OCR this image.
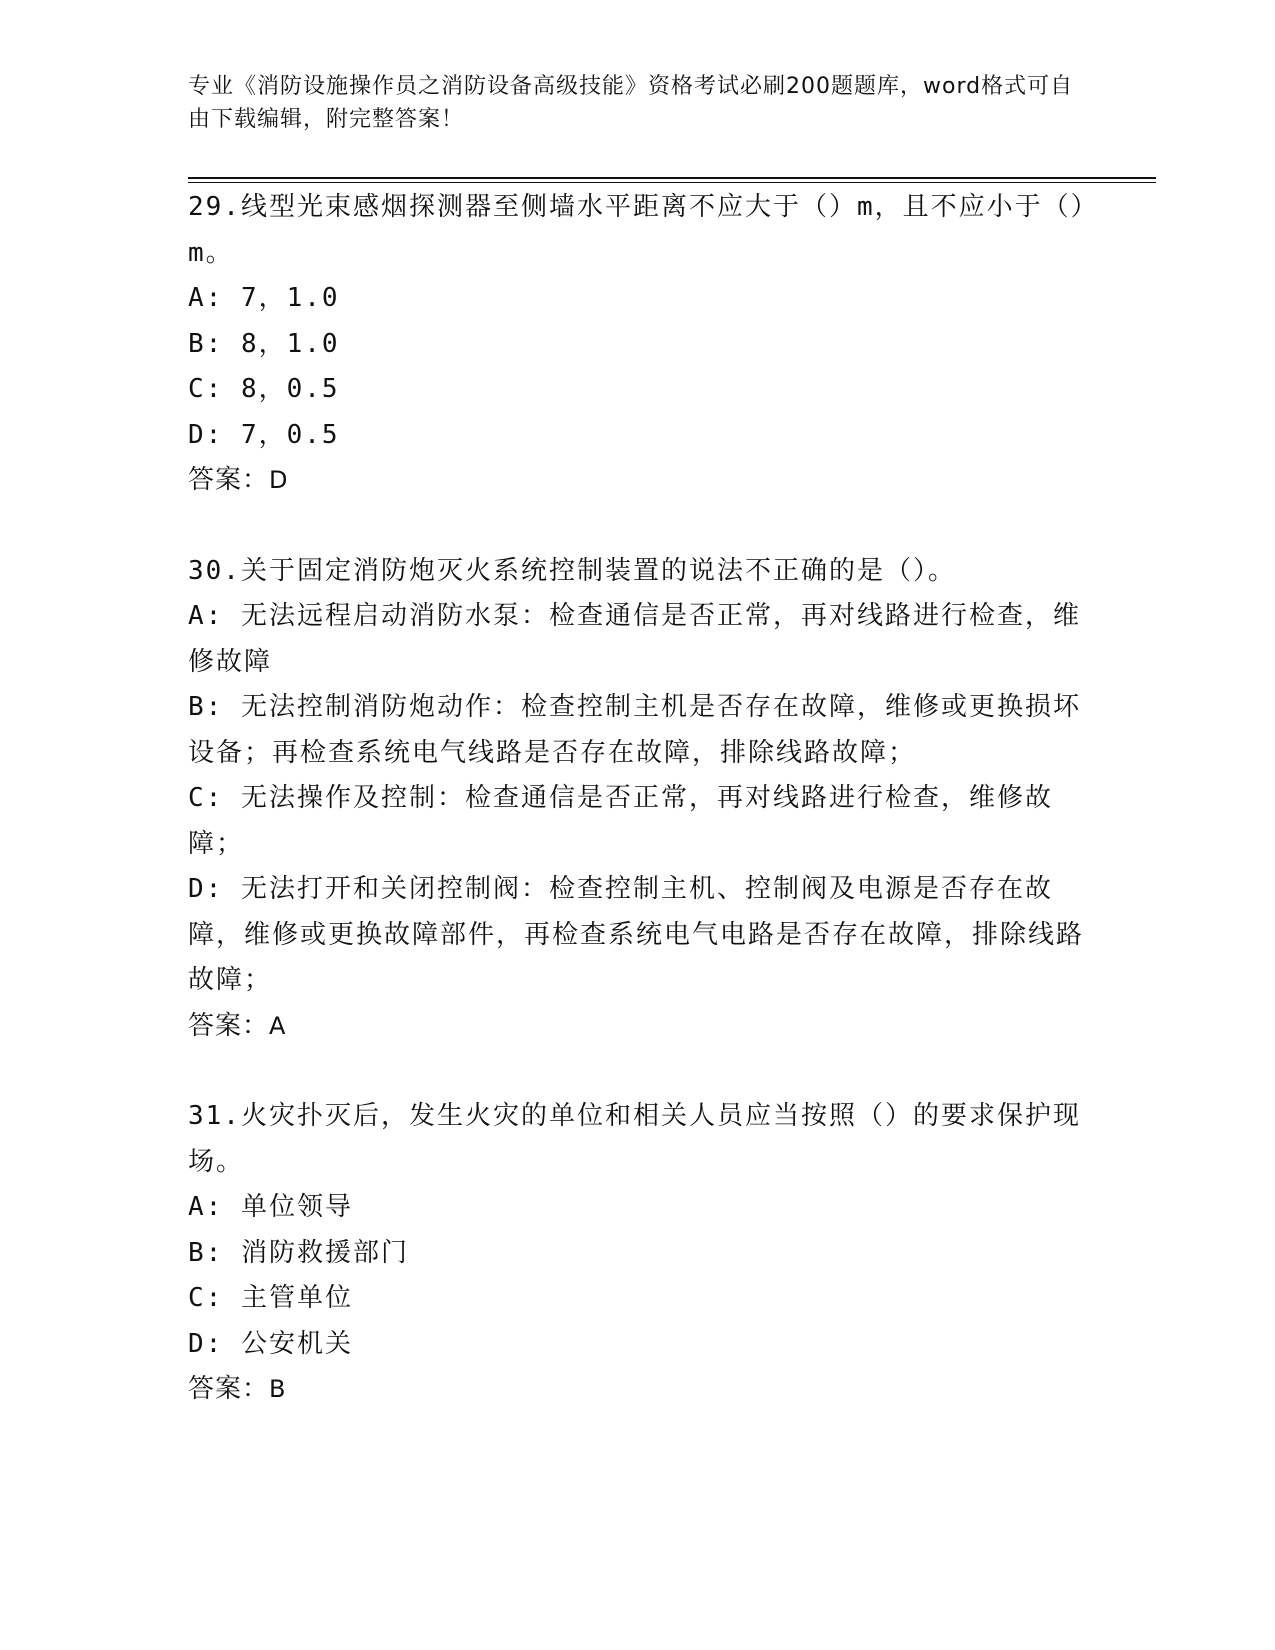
专业《消防设施操作员之消防设备高级技能》资格考试必刷200题题库，word格式可自由下载编辑，附完整答案！

29.线型光束感烟探测器至侧墙水平距离不应大于（）m，且不应小于（）m。

A: 7，1.0

B: 8，1.0

C: 8，0.5

D: 7，0.5

答案：D

30.关于固定消防炮灭火系统控制装置的说法不正确的是（）。

A: 无法远程启动消防水泵：检查通信是否正常，再对线路进行检查，维修故障

B: 无法控制消防炮动作：检查控制主机是否存在故障，维修或更换损坏设备；再检查系统电气线路是否存在故障，排除线路故障；

C: 无法操作及控制：检查通信是否正常，再对线路进行检查，维修故障；

D: 无法打开和关闭控制阀：检查控制主机、控制阀及电源是否存在故障，维修或更换故障部件，再检查系统电气电路是否存在故障，排除线路故障；

答案：A

31.火灾扑灭后，发生火灾的单位和相关人员应当按照（）的要求保护现场。

A: 单位领导

B: 消防救援部门

C: 主管单位

D: 公安机关

答案：B
